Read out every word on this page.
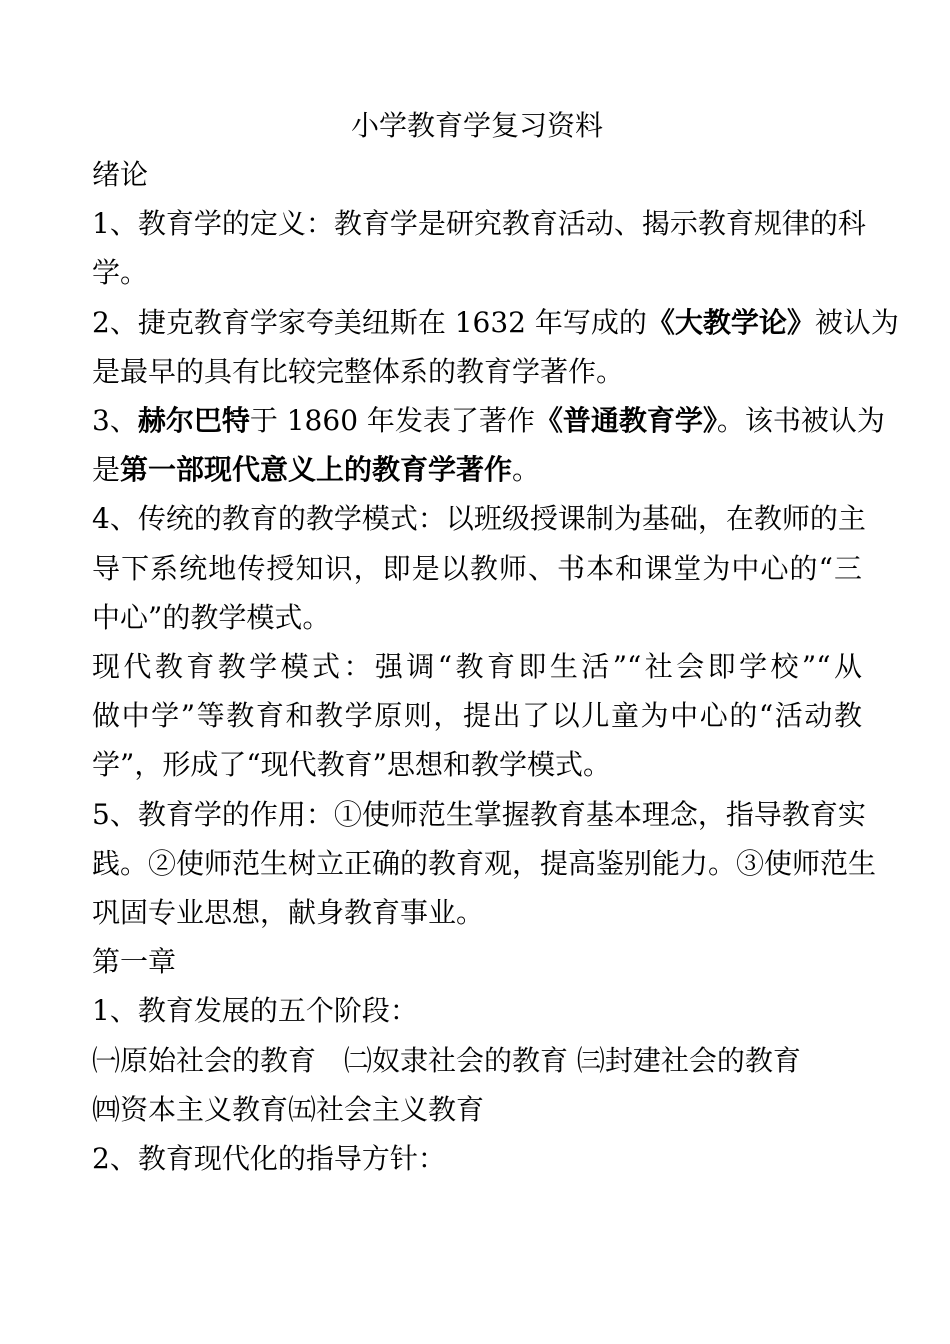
小学教育学复习资料

绪论

1、教育学的定义：教育学是研究教育活动、揭示教育规律的科

学。

2、捷克教育学家夸美纽斯在 1632 年写成的《大教学论》被认为

是最早的具有比较完整体系的教育学著作。

3、赫尔巴特于 1860 年发表了著作《普通教育学》。该书被认为

是第一部现代意义上的教育学著作。

4、传统的教育的教学模式：以班级授课制为基础，在教师的主

导下系统地传授知识，即是以教师、书本和课堂为中心的“三

中心”的教学模式。

现代教育教学模式：强调“教育即生活”“社会即学校”“从

做中学”等教育和教学原则，提出了以儿童为中心的“活动教

学”，形成了“现代教育”思想和教学模式。

5、教育学的作用：①使师范生掌握教育基本理念，指导教育实

践。②使师范生树立正确的教育观，提高鉴别能力。③使师范生

巩固专业思想，献身教育事业。

第一章

1、教育发展的五个阶段：

㈠原始社会的教育　㈡奴隶社会的教育 ㈢封建社会的教育

㈣资本主义教育㈤社会主义教育

2、教育现代化的指导方针：
